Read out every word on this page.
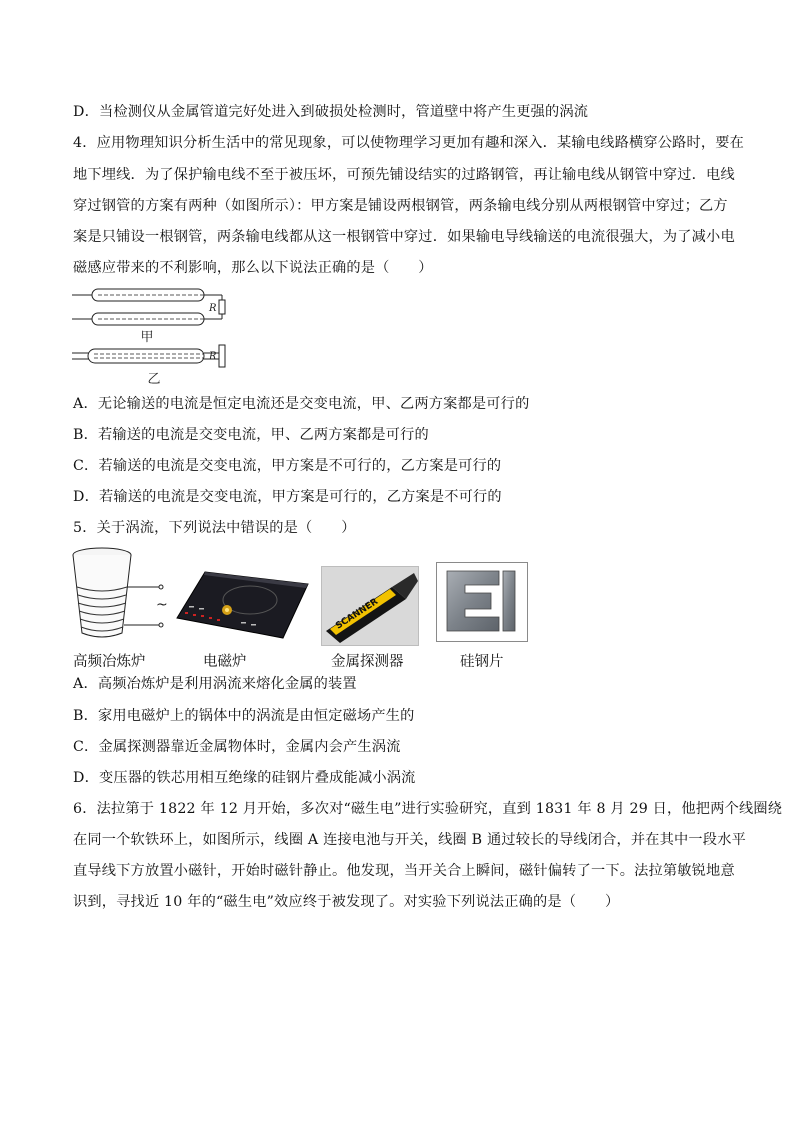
D．当检测仪从金属管道完好处进入到破损处检测时，管道壁中将产生更强的涡流
4．应用物理知识分析生活中的常见现象，可以使物理学习更加有趣和深入．某输电线路横穿公路时，要在
地下埋线．为了保护输电线不至于被压坏，可预先铺设结实的过路钢管，再让输电线从钢管中穿过．电线
穿过钢管的方案有两种（如图所示）：甲方案是铺设两根钢管，两条输电线分别从两根钢管中穿过；乙方
案是只铺设一根钢管，两条输电线都从这一根钢管中穿过．如果输电导线输送的电流很强大，为了减小电
磁感应带来的不利影响，那么以下说法正确的是（　　）
R
甲
R
乙
A．无论输送的电流是恒定电流还是交变电流，甲、乙两方案都是可行的
B．若输送的电流是交变电流，甲、乙两方案都是可行的
C．若输送的电流是交变电流，甲方案是不可行的，乙方案是可行的
D．若输送的电流是交变电流，甲方案是可行的，乙方案是不可行的
5．关于涡流，下列说法中错误的是（　　）
~	SCANNER
高频冶炼炉	电磁炉	金属探测器	硅钢片
A．高频冶炼炉是利用涡流来熔化金属的装置
B．家用电磁炉上的锅体中的涡流是由恒定磁场产生的
C．金属探测器靠近金属物体时，金属内会产生涡流
D．变压器的铁芯用相互绝缘的硅钢片叠成能减小涡流
6．法拉第于 1822 年 12 月开始，多次对“磁生电”进行实验研究，直到 1831 年 8 月 29 日，他把两个线圈绕
在同一个软铁环上，如图所示，线圈 A 连接电池与开关，线圈 B 通过较长的导线闭合，并在其中一段水平
直导线下方放置小磁针，开始时磁针静止。他发现，当开关合上瞬间，磁针偏转了一下。法拉第敏锐地意
识到，寻找近 10 年的“磁生电”效应终于被发现了。对实验下列说法正确的是（　　）
